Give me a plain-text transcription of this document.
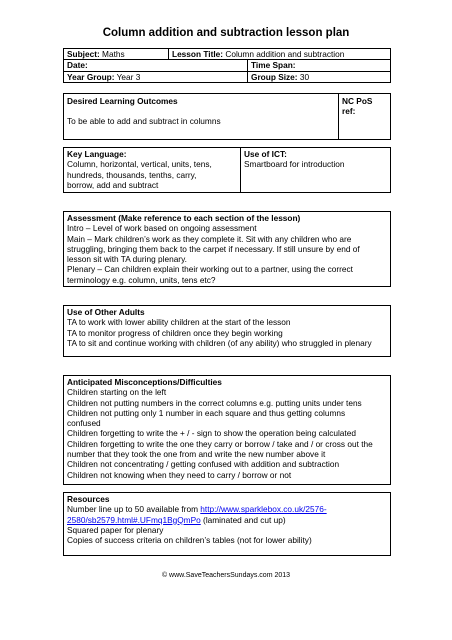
Column addition and subtraction lesson plan
Subject: Maths	Lesson Title: Column addition and subtraction	
Date:		Time Span:
Year Group: Year 3		Group Size: 30
Desired Learning Outcomes
To be able to add and subtract in columns
	NC PoS ref:
Key Language:
Column, horizontal, vertical, units, tens,
hundreds, thousands, tenths, carry,
borrow, add and subtract
	Use of ICT:
Smartboard for introduction
Assessment (Make reference to each section of the lesson)
Intro – Level of work based on ongoing assessment
Main – Mark children’s work as they complete it. Sit with any children who are
struggling, bringing them back to the carpet if necessary. If still unsure by end of
lesson sit with TA during plenary.
Plenary – Can children explain their working out to a partner, using the correct
terminology e.g. column, units, tens etc?
Use of Other Adults
TA to work with lower ability children at the start of the lesson
TA to monitor progress of children once they begin working
TA to sit and continue working with children (of any ability) who struggled in plenary
Anticipated Misconceptions/Difficulties
Children starting on the left
Children not putting numbers in the correct columns e.g. putting units under tens
Children not putting only 1 number in each square and thus getting columns
confused
Children forgetting to write the + / - sign to show the operation being calculated
Children forgetting to write the one they carry or borrow / take and / or cross out the
number that they took the one from and write the new number above it
Children not concentrating / getting confused with addition and subtraction
Children not knowing when they need to carry / borrow or not
Resources
Number line up to 50 available from http://www.sparklebox.co.uk/2576-
2580/sb2579.html#.UFmq1BgQmPo (laminated and cut up)
Squared paper for plenary
Copies of success criteria on children’s tables (not for lower ability)
© www.SaveTeachersSundays.com 2013
